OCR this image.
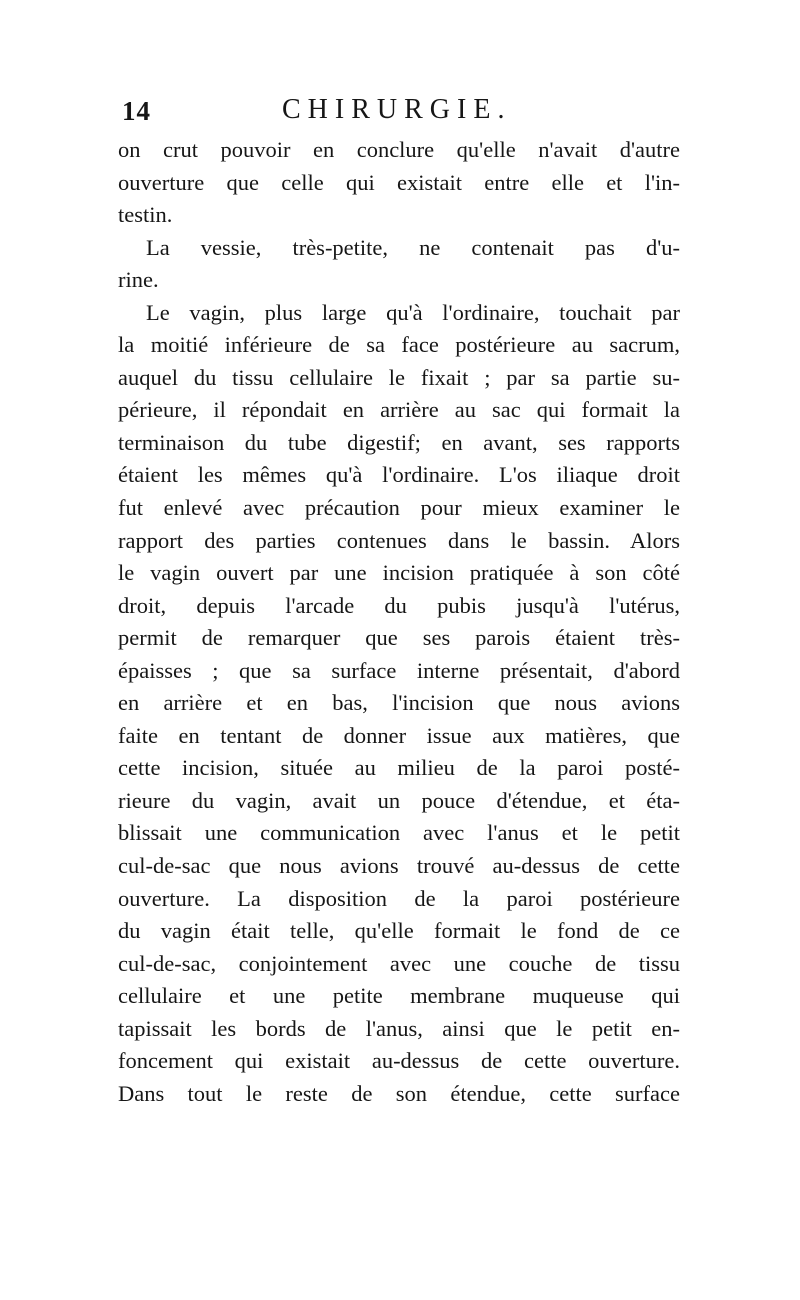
14	CHIRURGIE.
on crut pouvoir en conclure qu'elle n'avait d'autre
ouverture que celle qui existait entre elle et l'in-
testin.
La vessie, très-petite, ne contenait pas d'u-
rine.
Le vagin, plus large qu'à l'ordinaire, touchait par
la moitié inférieure de sa face postérieure au sacrum,
auquel du tissu cellulaire le fixait ; par sa partie su-
périeure, il répondait en arrière au sac qui formait la
terminaison du tube digestif; en avant, ses rapports
étaient les mêmes qu'à l'ordinaire. L'os iliaque droit
fut enlevé avec précaution pour mieux examiner le
rapport des parties contenues dans le bassin. Alors
le vagin ouvert par une incision pratiquée à son côté
droit, depuis l'arcade du pubis jusqu'à l'utérus,
permit de remarquer que ses parois étaient très-
épaisses ; que sa surface interne présentait, d'abord
en arrière et en bas, l'incision que nous avions
faite en tentant de donner issue aux matières, que
cette incision, située au milieu de la paroi posté-
rieure du vagin, avait un pouce d'étendue, et éta-
blissait une communication avec l'anus et le petit
cul-de-sac que nous avions trouvé au-dessus de cette
ouverture. La disposition de la paroi postérieure
du vagin était telle, qu'elle formait le fond de ce
cul-de-sac, conjointement avec une couche de tissu
cellulaire et une petite membrane muqueuse qui
tapissait les bords de l'anus, ainsi que le petit en-
foncement qui existait au-dessus de cette ouverture.
Dans tout le reste de son étendue, cette surface
